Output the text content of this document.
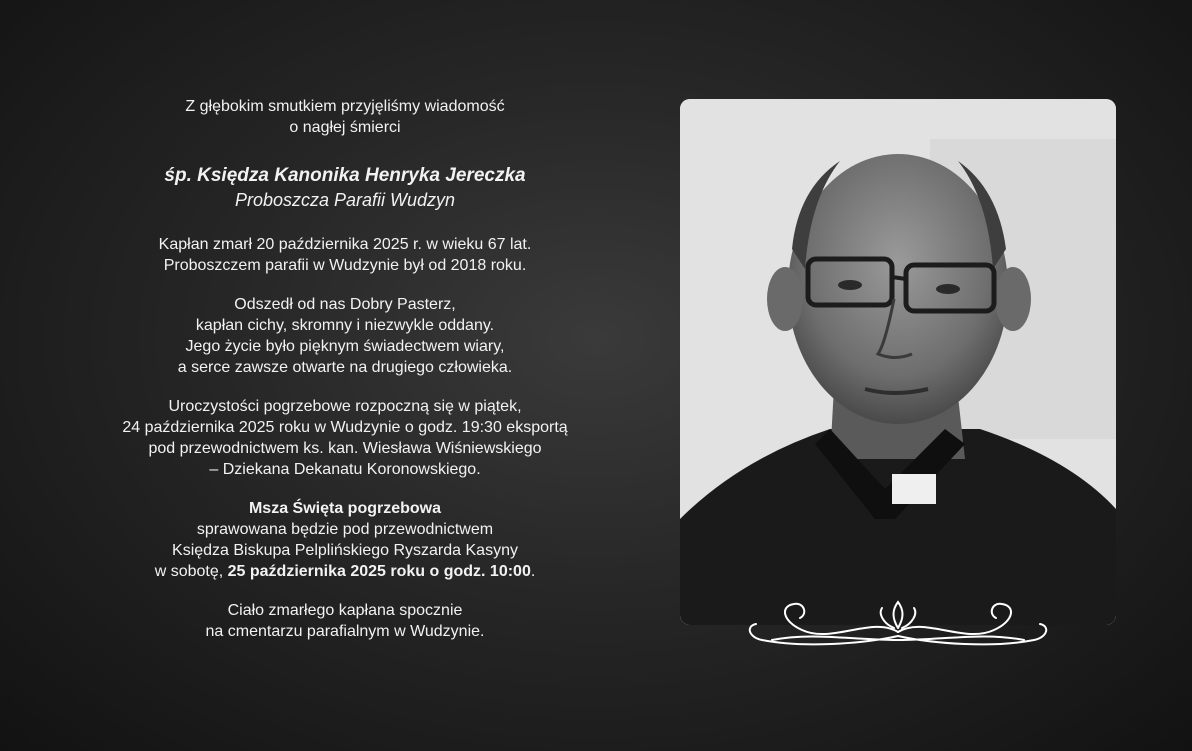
Z głębokim smutkiem przyjęliśmy wiadomość
o nagłej śmierci
śp. Księdza Kanonika Henryka Jereczka
Proboszcza Parafii Wudzyn
Kapłan zmarł 20 października 2025 r. w wieku 67 lat.
Proboszczem parafii w Wudzynie był od 2018 roku.
Odszedł od nas Dobry Pasterz,
kapłan cichy, skromny i niezwykle oddany.
Jego życie było pięknym świadectwem wiary,
a serce zawsze otwarte na drugiego człowieka.
Uroczystości pogrzebowe rozpoczną się w piątek,
24 października 2025 roku w Wudzynie o godz. 19:30 eksportą
pod przewodnictwem ks. kan. Wiesława Wiśniewskiego
– Dziekana Dekanatu Koronowskiego.
Msza Święta pogrzebowa
sprawowana będzie pod przewodnictwem
Księdza Biskupa Pelplińskiego Ryszarda Kasyny
w sobotę, 25 października 2025 roku o godz. 10:00.
Ciało zmarłego kapłana spocznie
na cmentarzu parafialnym w Wudzynie.
